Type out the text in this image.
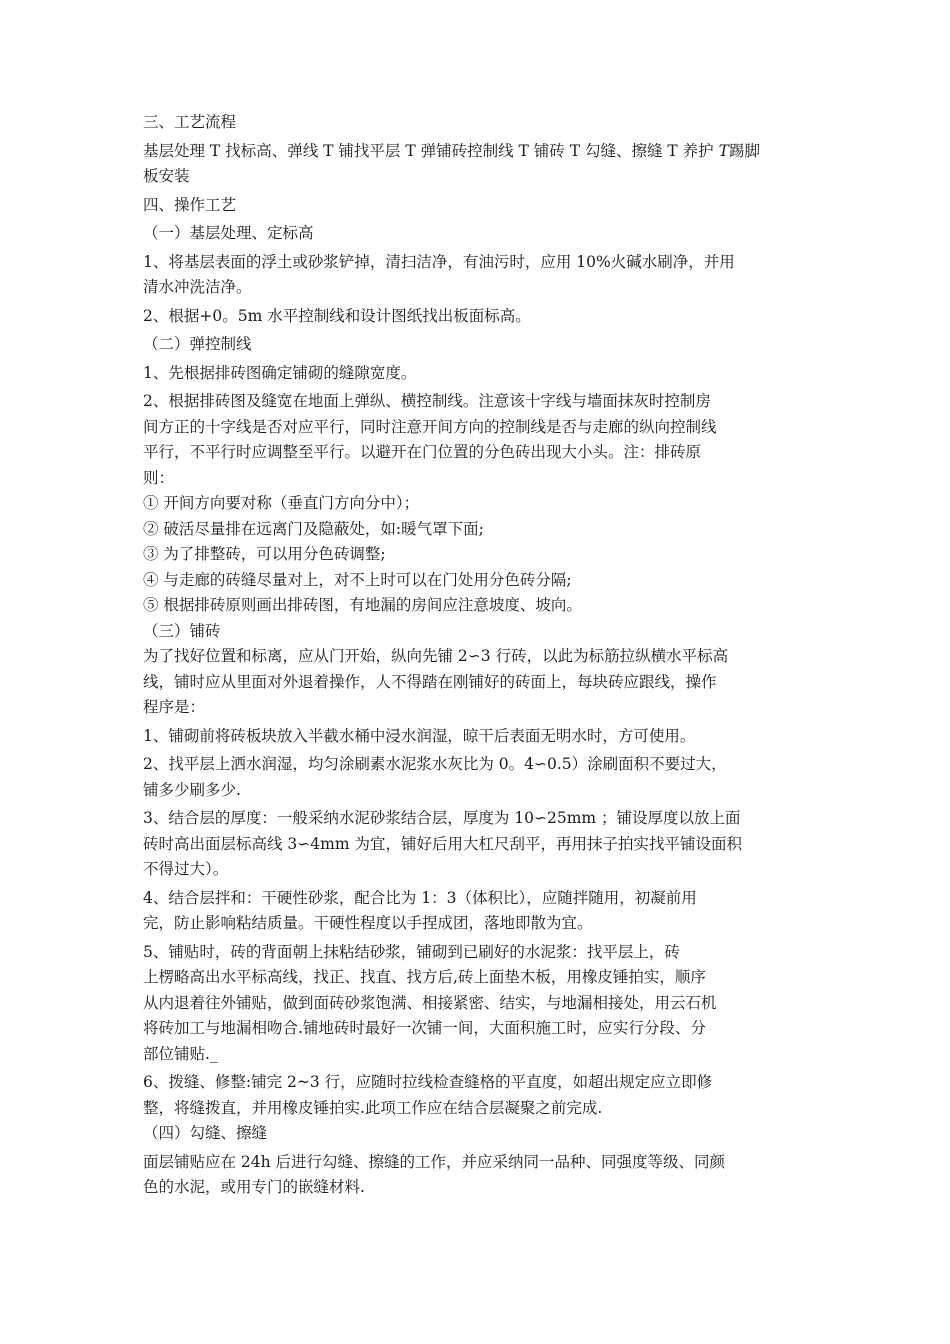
三、工艺流程
基层处理 T 找标高、弹线 T 铺找平层 T 弹铺砖控制线 T 铺砖 T 勾缝、擦缝 T 养护 T踢脚
板安装
四、操作工艺
（一）基层处理、定标高
1、将基层表面的浮土或砂浆铲掉，清扫洁净，有油污时，应用 10%火碱水刷净，并用
清水冲洗洁净。
2、根据+0。5m 水平控制线和设计图纸找出板面标高。
（二）弹控制线
1、先根据排砖图确定铺砌的缝隙宽度。
2、根据排砖图及缝宽在地面上弹纵、横控制线。注意该十字线与墙面抹灰时控制房
间方正的十字线是否对应平行，同时注意开间方向的控制线是否与走廊的纵向控制线
平行，不平行时应调整至平行。以避开在门位置的分色砖出现大小头。注：排砖原
则：
① 开间方向要对称（垂直门方向分中）；
② 破活尽量排在远离门及隐蔽处，如:暖气罩下面;
③ 为了排整砖，可以用分色砖调整;
④ 与走廊的砖缝尽量对上，对不上时可以在门处用分色砖分隔;
⑤ 根据排砖原则画出排砖图，有地漏的房间应注意坡度、坡向。
（三）铺砖
为了找好位置和标离，应从门开始，纵向先铺 2∽3 行砖，以此为标筋拉纵横水平标高
线，铺时应从里面对外退着操作，人不得踏在刚铺好的砖面上，每块砖应跟线，操作
程序是：
1、铺砌前将砖板块放入半截水桶中浸水润湿，晾干后表面无明水时，方可使用。
2、找平层上洒水润湿，均匀涂刷素水泥浆水灰比为 0。4∽0.5）涂刷面积不要过大，
铺多少刷多少.
3、结合层的厚度：一般采纳水泥砂浆结合层，厚度为 10∽25mm ；铺设厚度以放上面
砖时高出面层标高线 3∽4mm 为宜，铺好后用大杠尺刮平，再用抹子拍实找平铺设面积
不得过大）。
4、结合层拌和：干硬性砂浆，配合比为 1：3（体积比），应随拌随用，初凝前用
完，防止影响粘结质量。干硬性程度以手捏成团，落地即散为宜。
5、铺贴时，砖的背面朝上抹粘结砂浆，铺砌到已刷好的水泥浆：找平层上，砖
上楞略高出水平标高线，找正、找直、找方后,砖上面垫木板，用橡皮锤拍实，顺序
从内退着往外铺贴，做到面砖砂浆饱满、相接紧密、结实，与地漏相接处，用云石机
将砖加工与地漏相吻合.铺地砖时最好一次铺一间，大面积施工时，应实行分段、分
部位铺贴._
6、拨缝、修整:铺完 2~3 行，应随时拉线检查缝格的平直度，如超出规定应立即修
整，将缝拨直，并用橡皮锤拍实.此项工作应在结合层凝聚之前完成.
（四）勾缝、擦缝
面层铺贴应在 24h 后进行勾缝、擦缝的工作，并应采纳同一品种、同强度等级、同颜
色的水泥，或用专门的嵌缝材料.
